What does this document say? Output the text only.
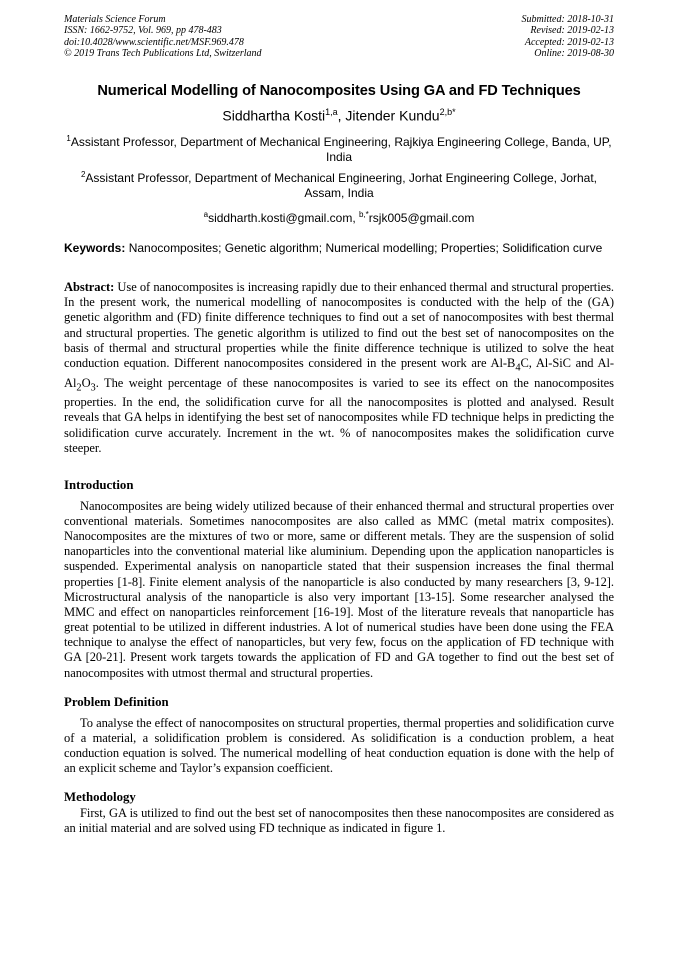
Materials Science Forum
ISSN: 1662-9752, Vol. 969, pp 478-483
doi:10.4028/www.scientific.net/MSF.969.478
© 2019 Trans Tech Publications Ltd, Switzerland
Submitted: 2018-10-31
Revised: 2019-02-13
Accepted: 2019-02-13
Online: 2019-08-30
Numerical Modelling of Nanocomposites Using GA and FD Techniques
Siddhartha Kosti$^{1,a}$, Jitender Kundu$^{2,b*}$
$^1$Assistant Professor, Department of Mechanical Engineering, Rajkiya Engineering College, Banda, UP, India
$^2$Assistant Professor, Department of Mechanical Engineering, Jorhat Engineering College, Jorhat, Assam, India
$^a$siddharth.kosti@gmail.com, $^{b,*}$rsjk005@gmail.com
Keywords: Nanocomposites; Genetic algorithm; Numerical modelling; Properties; Solidification curve

Abstract: Use of nanocomposites is increasing rapidly due to their enhanced thermal and structural properties. In the present work, the numerical modelling of nanocomposites is conducted with the help of the (GA) genetic algorithm and (FD) finite difference techniques to find out a set of nanocomposites with best thermal and structural properties. The genetic algorithm is utilized to find out the best set of nanocomposites on the basis of thermal and structural properties while the finite difference technique is utilized to solve the heat conduction equation. Different nanocomposites considered in the present work are $Al-B_4C$, Al-SiC and $Al-Al_2O_3$. The weight percentage of these nanocomposites is varied to see its effect on the nanocomposites properties. In the end, the solidification curve for all the nanocomposites is plotted and analysed. Result reveals that GA helps in identifying the best set of nanocomposites while FD technique helps in predicting the solidification curve accurately. Increment in the wt. % of nanocomposites makes the solidification curve steeper.

Introduction

Nanocomposites are being widely utilized because of their enhanced thermal and structural properties over conventional materials. Sometimes nanocomposites are also called as MMC (metal matrix composites). Nanocomposites are the mixtures of two or more, same or different metals. They are the suspension of solid nanoparticles into the conventional material like aluminium. Depending upon the application nanoparticles is suspended. Experimental analysis on nanoparticle stated that their suspension increases the final thermal properties [1-8]. Finite element analysis of the nanoparticle is also conducted by many researchers [3, 9-12]. Microstructural analysis of the nanoparticle is also very important [13-15]. Some researcher analysed the MMC and effect on nanoparticles reinforcement [16-19]. Most of the literature reveals that nanoparticle has great potential to be utilized in different industries. A lot of numerical studies have been done using the FEA technique to analyse the effect of nanoparticles, but very few, focus on the application of FD technique with GA [20-21]. Present work targets towards the application of FD and GA together to find out the best set of nanocomposites with utmost thermal and structural properties.

Problem Definition

To analyse the effect of nanocomposites on structural properties, thermal properties and solidification curve of a material, a solidification problem is considered. As solidification is a conduction problem, a heat conduction equation is solved. The numerical modelling of heat conduction equation is done with the help of an explicit scheme and Taylor’s expansion coefficient.

Methodology

First, GA is utilized to find out the best set of nanocomposites then these nanocomposites are considered as an initial material and are solved using FD technique as indicated in figure 1.
